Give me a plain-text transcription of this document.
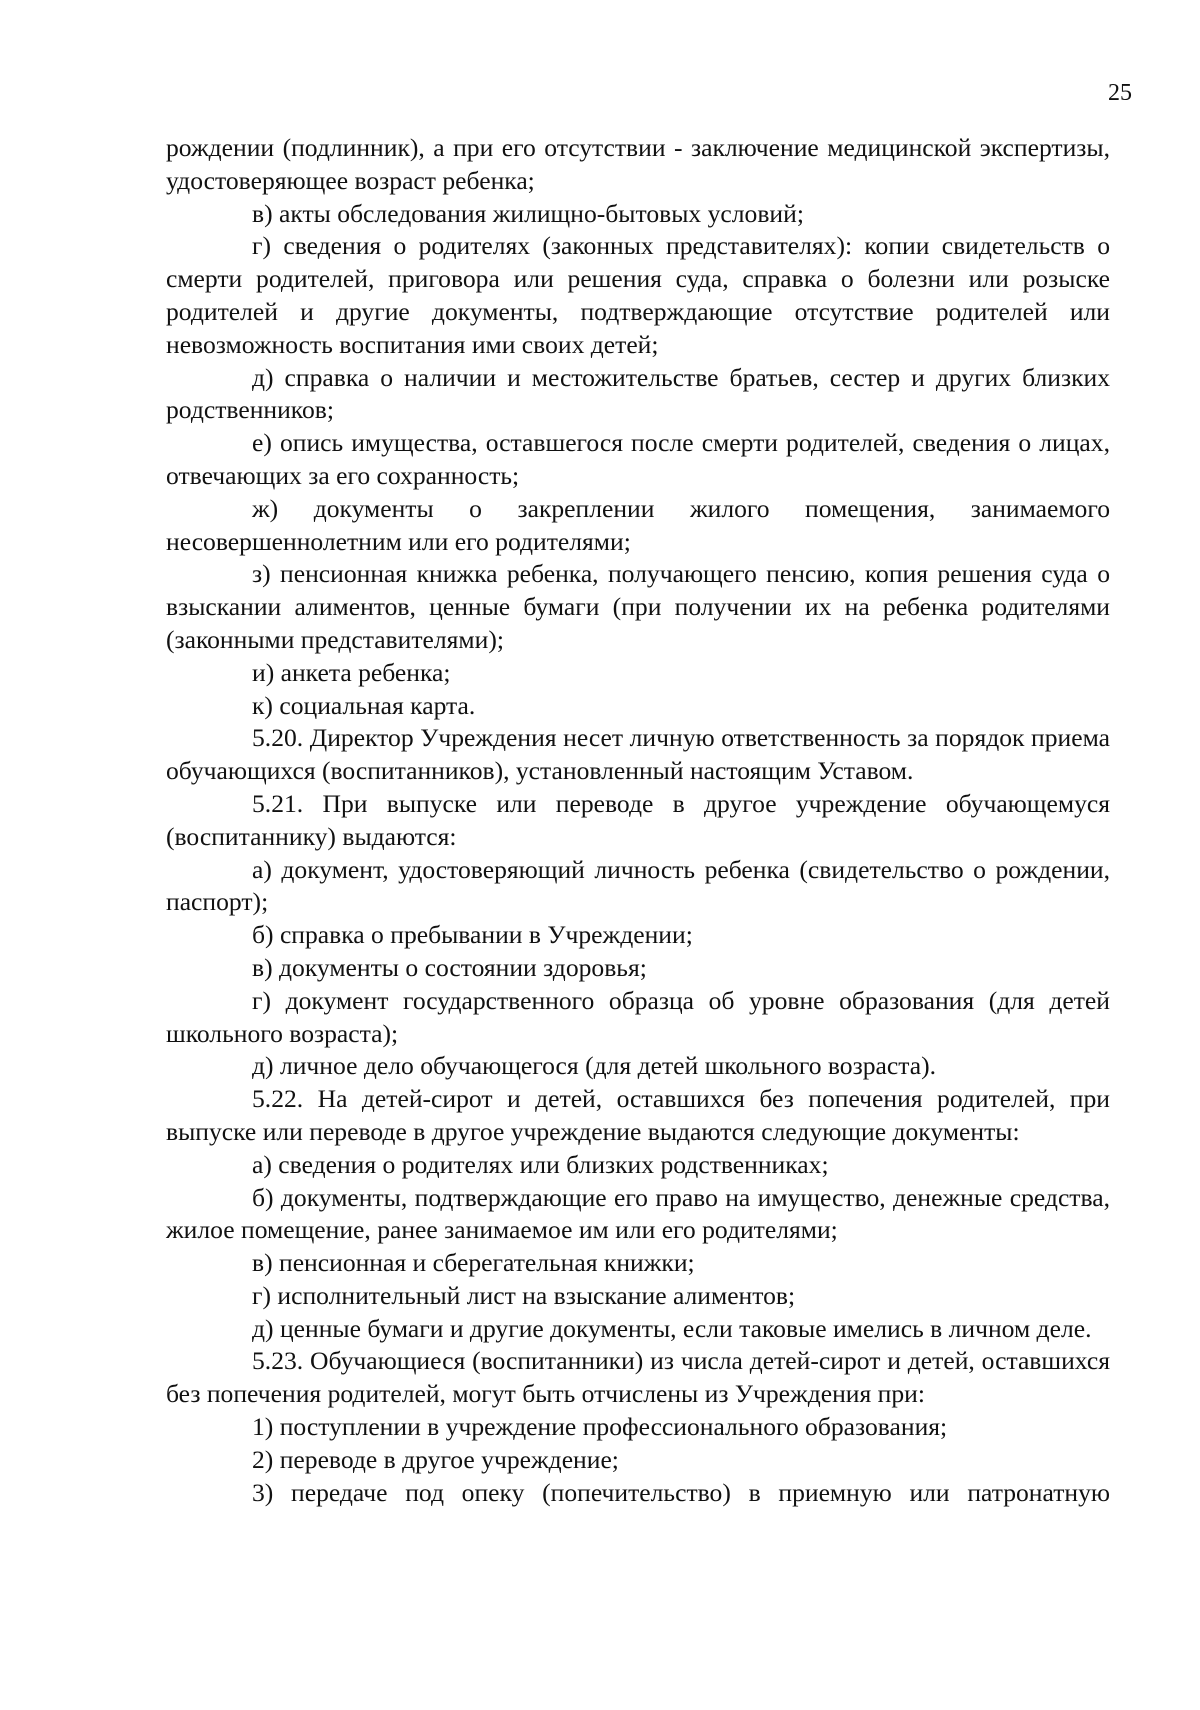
25

рождении (подлинник), а при его отсутствии - заключение медицинской экспертизы, удостоверяющее возраст ребенка;

в) акты обследования жилищно-бытовых условий;

г) сведения о родителях (законных представителях): копии свидетельств о смерти родителей, приговора или решения суда, справка о болезни или розыске родителей и другие документы, подтверждающие отсутствие родителей или невозможность воспитания ими своих детей;

д) справка о наличии и местожительстве братьев, сестер и других близких родственников;

е) опись имущества, оставшегося после смерти родителей, сведения о лицах, отвечающих за его сохранность;

ж) документы о закреплении жилого помещения, занимаемого несовершеннолетним или его родителями;

з) пенсионная книжка ребенка, получающего пенсию, копия решения суда о взыскании алиментов, ценные бумаги (при получении их на ребенка родителями (законными представителями);

и) анкета ребенка;

к) социальная карта.

5.20. Директор Учреждения несет личную ответственность за порядок приема обучающихся (воспитанников), установленный настоящим Уставом.

5.21. При выпуске или переводе в другое учреждение обучающемуся (воспитаннику) выдаются:

а) документ, удостоверяющий личность ребенка (свидетельство о рождении, паспорт);

б) справка о пребывании в Учреждении;

в) документы о состоянии здоровья;

г) документ государственного образца об уровне образования (для детей школьного возраста);

д) личное дело обучающегося (для детей школьного возраста).

5.22. На детей-сирот и детей, оставшихся без попечения родителей, при выпуске или переводе в другое учреждение выдаются следующие документы:

а) сведения о родителях или близких родственниках;

б) документы, подтверждающие его право на имущество, денежные средства, жилое помещение, ранее занимаемое им или его родителями;

в) пенсионная и сберегательная книжки;

г) исполнительный лист на взыскание алиментов;

д) ценные бумаги и другие документы, если таковые имелись в личном деле.

5.23. Обучающиеся (воспитанники) из числа детей-сирот и детей, оставшихся без попечения родителей, могут быть отчислены из Учреждения при:

1) поступлении в учреждение профессионального образования;

2) переводе в другое учреждение;

3) передаче под опеку (попечительство) в приемную или патронатную
